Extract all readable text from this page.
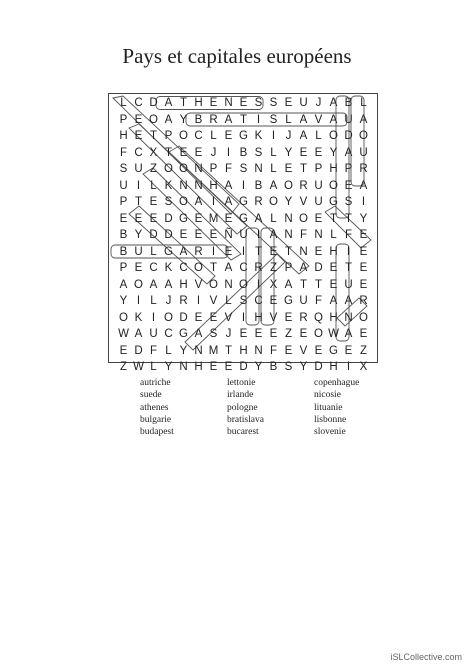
Pays et capitales européens
L C D A T H E N E S S E U J A B L
P E O A Y B R A T I S L A V A U A
H E T P O C L E G K I J A L O D O
F C X T E E J I B S L Y E E Y A U
S U Z O O N P F S N L E T P H P R
U I L K N N H A I B A O R U O E A
P T E S O A I A G R O Y V U G S I
E E E D G E M E G A L N O E T T Y
B Y D D E E E Ñ U I A N F N L F E
B U L G A R I E I T E T N E H I E
P E C K C O T A C R Z P A D E T E
A O A A H V O N O I X A T T E U E
Y I L J R I V L S C E G U F A A R
O K I O D E E V I H V E R Q H N O
W A U C G A S J E E E Z E O W A E
E D F L Y N M T H N F E V E G E Z
Z W L Y N H E E D Y B S Y D H I X
autriche	lettonie	copenhague
suede	irlande	nicosie
athenes	pologne	lituanie
bulgarie	bratislava	lisbonne
budapest	bucarest	slovenie
iSLCollective.com
